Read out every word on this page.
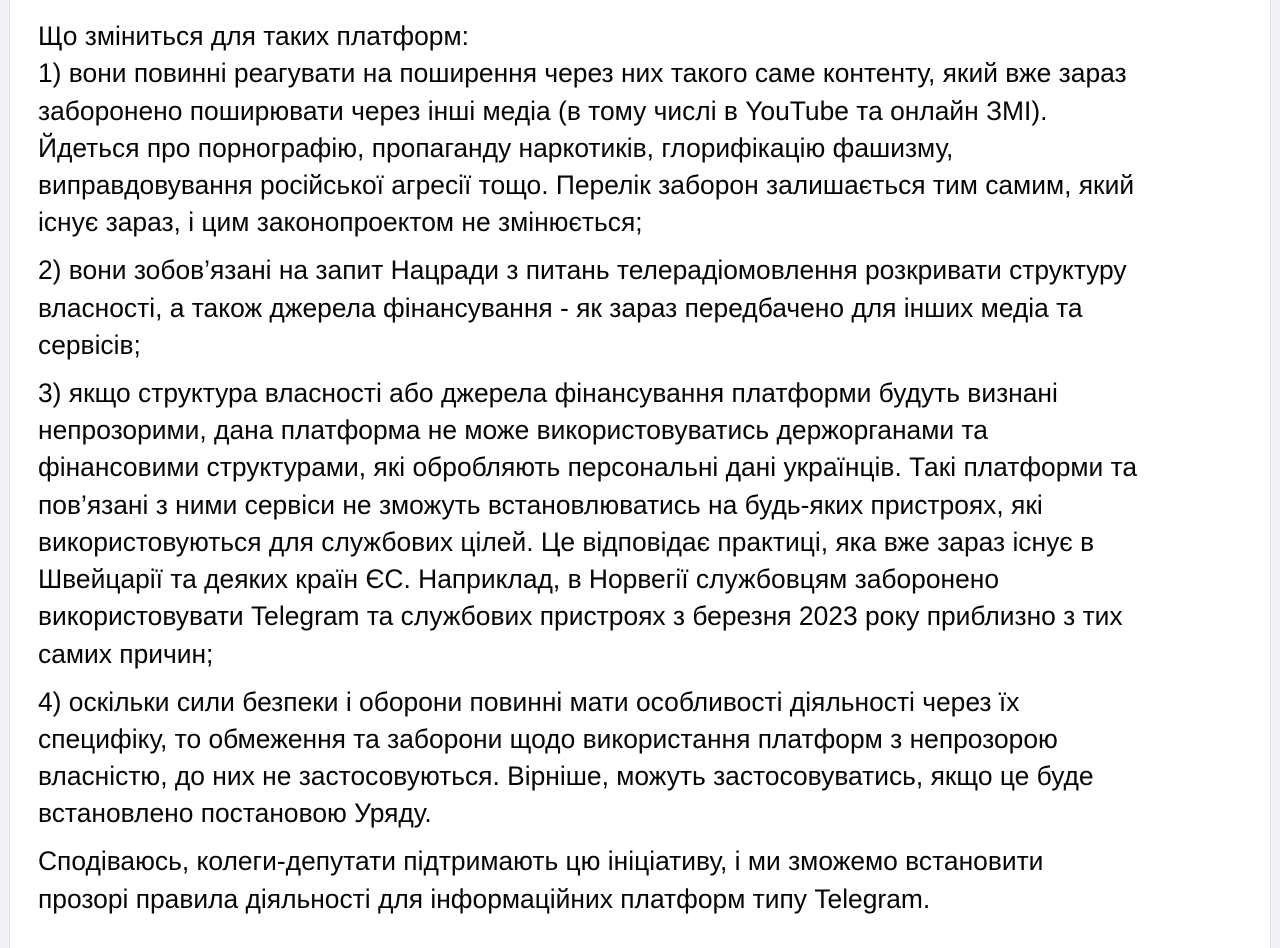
Що зміниться для таких платформ:
1) вони повинні реагувати на поширення через них такого саме контенту, який вже зараз
заборонено поширювати через інші медіа (в тому числі в YouTube та онлайн ЗМІ).
Йдеться про порнографію, пропаганду наркотиків, глорифікацію фашизму,
виправдовування російської агресії тощо. Перелік заборон залишається тим самим, який
існує зараз, і цим законопроектом не змінюється;

2) вони зобов’язані на запит Нацради з питань телерадіомовлення розкривати структуру
власності, а також джерела фінансування - як зараз передбачено для інших медіа та
сервісів;

3) якщо структура власності або джерела фінансування платформи будуть визнані
непрозорими, дана платформа не може використовуватись держорганами та
фінансовими структурами, які обробляють персональні дані українців. Такі платформи та
пов’язані з ними сервіси не зможуть встановлюватись на будь-яких пристроях, які
використовуються для службових цілей. Це відповідає практиці, яка вже зараз існує в
Швейцарії та деяких країн ЄС. Наприклад, в Норвегії службовцям заборонено
використовувати Telegram та службових пристроях з березня 2023 року приблизно з тих
самих причин;

4) оскільки сили безпеки і оборони повинні мати особливості діяльності через їх
специфіку, то обмеження та заборони щодо використання платформ з непрозорою
власністю, до них не застосовуються. Вірніше, можуть застосовуватись, якщо це буде
встановлено постановою Уряду.

Сподіваюсь, колеги-депутати підтримають цю ініціативу, і ми зможемо встановити
прозорі правила діяльності для інформаційних платформ типу Telegram.
